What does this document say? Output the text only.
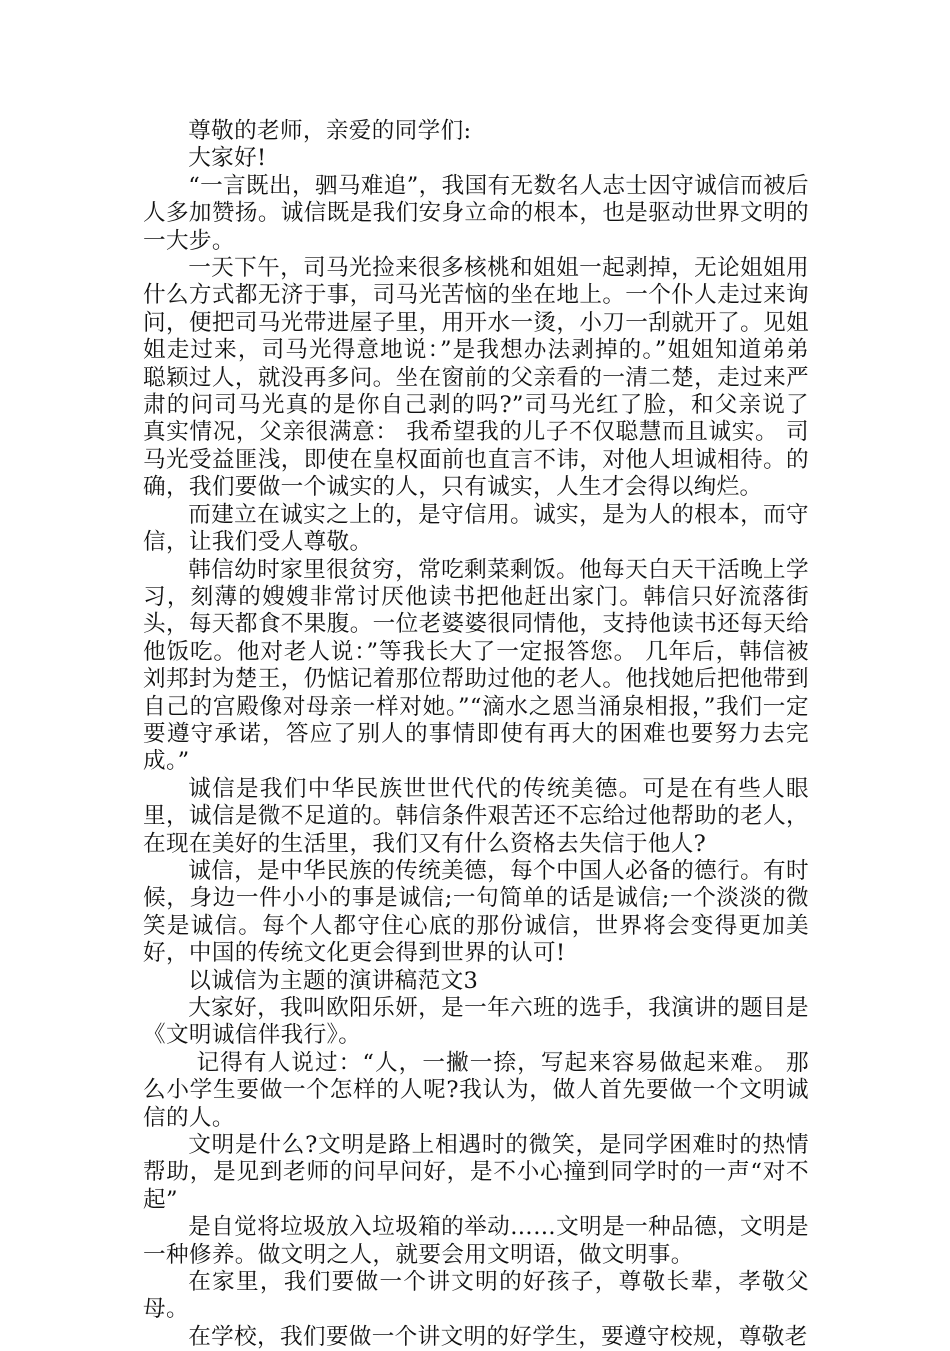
尊敬的老师，亲爱的同学们:

大家好!

“一言既出，驷马难追”，我国有无数名人志士因守诚信而被后人多加赞扬。诚信既是我们安身立命的根本，也是驱动世界文明的一大步。

一天下午，司马光捡来很多核桃和姐姐一起剥掉，无论姐姐用什么方式都无济于事，司马光苦恼的坐在地上。一个仆人走过来询问，便把司马光带进屋子里，用开水一烫，小刀一刮就开了。见姐姐走过来，司马光得意地说：”是我想办法剥掉的。”姐姐知道弟弟聪颖过人，就没再多问。坐在窗前的父亲看的一清二楚，走过来严肃的问司马光真的是你自己剥的吗?”司马光红了脸，和父亲说了真实情况，父亲很满意： 我希望我的儿子不仅聪慧而且诚实。 司马光受益匪浅，即使在皇权面前也直言不讳，对他人坦诚相待。的确，我们要做一个诚实的人，只有诚实，人生才会得以绚烂。

而建立在诚实之上的，是守信用。诚实，是为人的根本，而守信，让我们受人尊敬。

韩信幼时家里很贫穷，常吃剩菜剩饭。他每天白天干活晚上学习，刻薄的嫂嫂非常讨厌他读书把他赶出家门。韩信只好流落街头，每天都食不果腹。一位老婆婆很同情他，支持他读书还每天给他饭吃。他对老人说：”等我长大了一定报答您。 几年后，韩信被刘邦封为楚王，仍惦记着那位帮助过他的老人。他找她后把他带到自己的宫殿像对母亲一样对她。”“滴水之恩当涌泉相报，”我们一定要遵守承诺，答应了别人的事情即使有再大的困难也要努力去完成。”

诚信是我们中华民族世世代代的传统美德。可是在有些人眼里，诚信是微不足道的。韩信条件艰苦还不忘给过他帮助的老人，在现在美好的生活里，我们又有什么资格去失信于他人?

诚信，是中华民族的传统美德，每个中国人必备的德行。有时候，身边一件小小的事是诚信;一句简单的话是诚信;一个淡淡的微笑是诚信。每个人都守住心底的那份诚信，世界将会变得更加美好，中国的传统文化更会得到世界的认可!

以诚信为主题的演讲稿范文3

大家好，我叫欧阳乐妍，是一年六班的选手，我演讲的题目是《文明诚信伴我行》。

记得有人说过：“人，一撇一捺，写起来容易做起来难。 那么小学生要做一个怎样的人呢?我认为，做人首先要做一个文明诚信的人。

文明是什么?文明是路上相遇时的微笑，是同学困难时的热情帮助，是见到老师的问早问好，是不小心撞到同学时的一声“对不起”

是自觉将垃圾放入垃圾箱的举动……文明是一种品德，文明是一种修养。做文明之人，就要会用文明语，做文明事。

在家里，我们要做一个讲文明的好孩子，尊敬长辈，孝敬父母。

在学校，我们要做一个讲文明的好学生，要遵守校规，尊敬老
